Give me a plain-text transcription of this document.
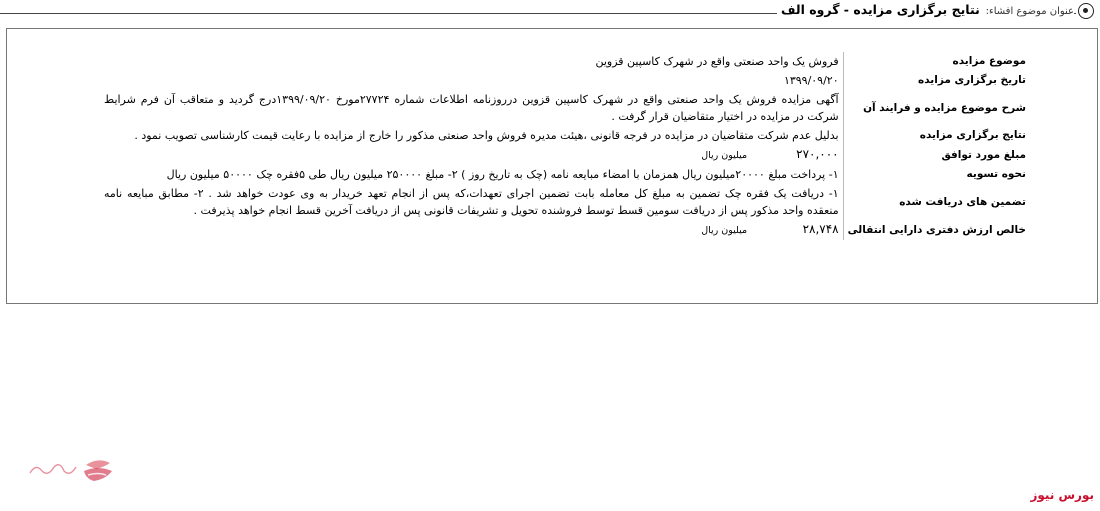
عنوان موضوع افشاء: نتایج برگزاری مزایده - گروه الف
موضوع مزایده	فروش یک واحد صنعتی واقع در شهرک کاسپین قزوین
تاریخ برگزاری مزایده	۱۳۹۹/۰۹/۲۰
شرح موضوع مزایده و فرایند آن	آگهی مزایده فروش یک واحد صنعتی واقع در شهرک کاسپین قزوین درروزنامه اطلاعات شماره ۲۷۷۲۴مورخ ۱۳۹۹/۰۹/۲۰درج گردید و متعاقب آن فرم شرایط شرکت در مزایده در اختیار متقاضیان قرار گرفت .
نتایج برگزاری مزایده	بدلیل عدم شرکت متقاضیان در مزایده در فرجه قانونی ،هیئت مدیره فروش واحد صنعتی مذکور را خارج از مزایده با رعایت قیمت کارشناسی تصویب نمود .
مبلغ مورد توافق	۲۷۰,۰۰۰ میلیون ریال
نحوه تسویه	۱- پرداخت مبلغ ۲۰۰۰۰میلیون ریال همزمان با امضاء مبایعه نامه (چک به تاریخ روز ) ۲- مبلغ ۲۵۰۰۰۰ میلیون ریال طی ۵فقره چک ۵۰۰۰۰ میلیون ریال
تضمین های دریافت شده	۱- دریافت یک فقره چک تضمین به مبلغ کل معامله بابت تضمین اجرای تعهدات،که پس از انجام تعهد خریدار به وی عودت خواهد شد . ۲- مطابق مبایعه نامه منعقده واحد مذکور پس از دریافت سومین قسط توسط فروشنده تحویل و تشریفات قانونی پس از دریافت آخرین قسط انجام خواهد پذیرفت .
خالص ارزش دفتری دارایی انتقالی	۲۸,۷۴۸ میلیون ریال
بورس نیوز
